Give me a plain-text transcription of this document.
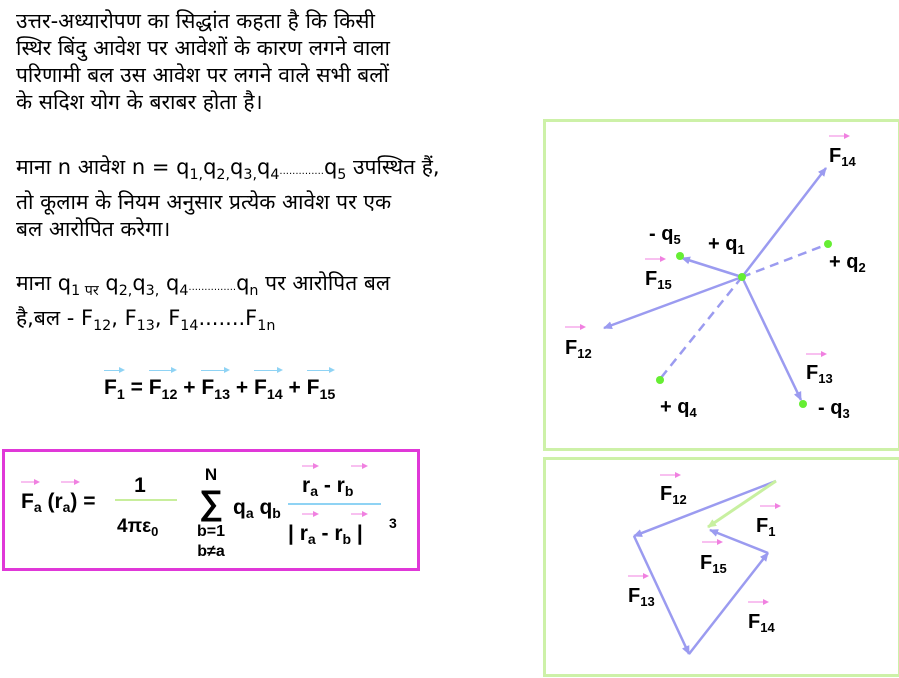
उत्तर-अध्यारोपण का सिद्धांत कहता है कि किसी
स्थिर बिंदु आवेश पर आवेशों के कारण लगने वाला
परिणामी बल उस आवेश पर लगने वाले सभी बलों
के सदिश योग के बराबर होता है।
माना n आवेश $n = q_{1,}q_{2,}q_{3,}q_4..............q_5$ उपस्थित हैं,
तो कूलाम के नियम अनुसार प्रत्येक आवेश पर एक
बल आरोपित करेगा।
माना $q_{1 पर}$ $q_{2,}q_{3,}$ $q_4...............q_n$ पर आरोपित बल
है,बल - $F_{12}$, $F_{13}$, $F_{14}.......F_{1n}$
$F_1 = F_{12} + F_{13} + F_{14} + F_{15}$
Fa (ra) =
1
$4\pi\varepsilon_0$
N
∑
b=1
b≠a
qa qb
ra - rb
| ra - rb | 3
$F_{14}$
- $q_5 + q_1$
+ $q_2$
$F_{15}$
$F_{12}$
$F_{13}$
+ $q_4$	- $q_3$
$F_{12}$
$F_1$
$F_{15}$
$F_{13}$
$F_{14}$
